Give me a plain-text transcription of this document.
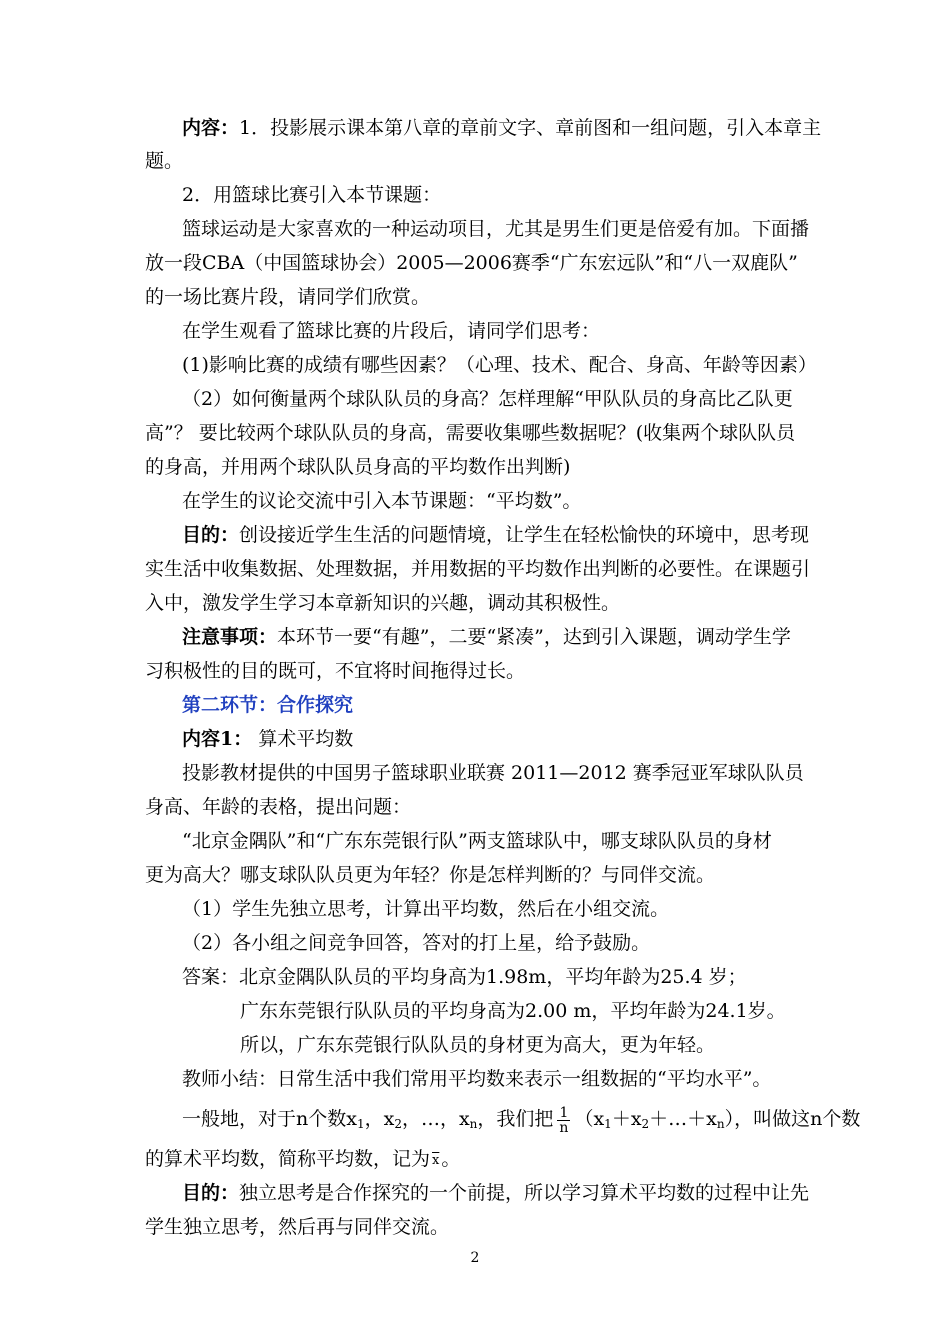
内容：1．投影展示课本第八章的章前文字、章前图和一组问题，引入本章主
题。
2．用篮球比赛引入本节课题：
篮球运动是大家喜欢的一种运动项目，尤其是男生们更是倍爱有加。下面播
放一段CBA（中国篮球协会）2005—2006赛季“广东宏远队”和“八一双鹿队”
的一场比赛片段，请同学们欣赏。
在学生观看了篮球比赛的片段后，请同学们思考：
(1)影响比赛的成绩有哪些因素？（心理、技术、配合、身高、年龄等因素）
（2）如何衡量两个球队队员的身高？怎样理解“甲队队员的身高比乙队更
高”？ 要比较两个球队队员的身高，需要收集哪些数据呢？(收集两个球队队员
的身高，并用两个球队队员身高的平均数作出判断)
在学生的议论交流中引入本节课题：“平均数”。
目的：创设接近学生生活的问题情境，让学生在轻松愉快的环境中，思考现
实生活中收集数据、处理数据，并用数据的平均数作出判断的必要性。在课题引
入中，激发学生学习本章新知识的兴趣，调动其积极性。
注意事项：本环节一要“有趣”，二要“紧凑”，达到引入课题，调动学生学
习积极性的目的既可，不宜将时间拖得过长。
第二环节：合作探究
内容1： 算术平均数
投影教材提供的中国男子篮球职业联赛 2011—2012 赛季冠亚军球队队员
身高、年龄的表格，提出问题：
“北京金隅队”和“广东东莞银行队”两支篮球队中，哪支球队队员的身材
更为高大？哪支球队队员更为年轻？你是怎样判断的？与同伴交流。
（1）学生先独立思考，计算出平均数，然后在小组交流。
（2）各小组之间竞争回答，答对的打上星，给予鼓励。
答案：北京金隅队队员的平均身高为1.98m，平均年龄为25.4 岁；
广东东莞银行队队员的平均身高为2.00 m，平均年龄为24.1岁。
所以，广东东莞银行队队员的身材更为高大，更为年轻。
教师小结：日常生活中我们常用平均数来表示一组数据的“平均水平”。
一般地，对于n个数$x_1$，$x_2$，…，$x_n$，我们把 $\frac{1}{n}$ $(x_1+x_2+\dots+x_n)$，叫做这n个数
的算术平均数，简称平均数，记为 $\overline{x}$ 。
目的：独立思考是合作探究的一个前提，所以学习算术平均数的过程中让先
学生独立思考，然后再与同伴交流。
2
